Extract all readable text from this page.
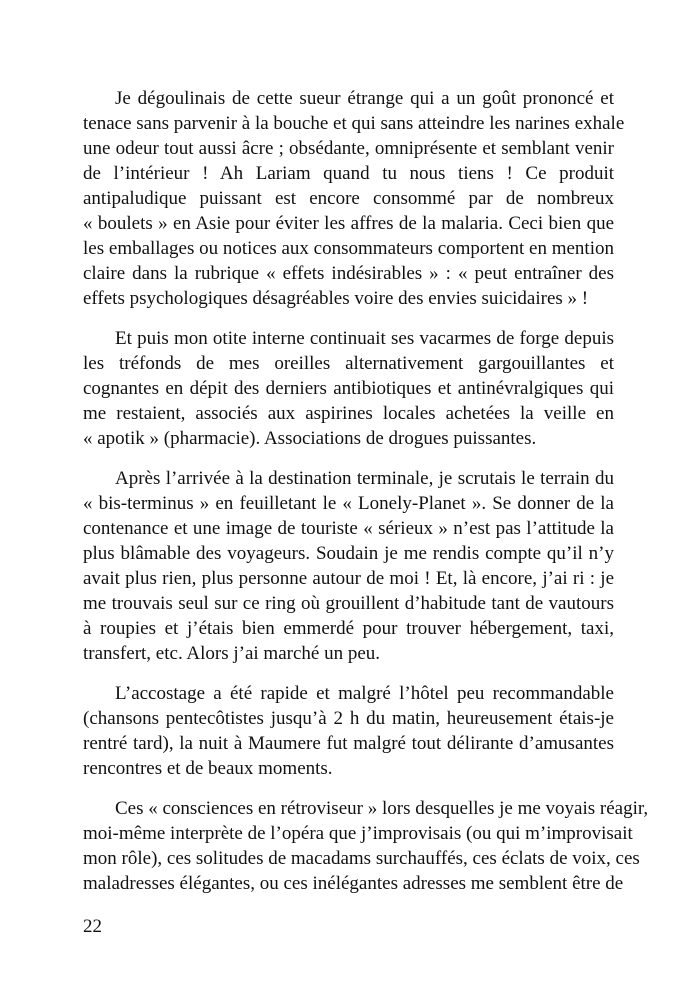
Je dégoulinais de cette sueur étrange qui a un goût prononcé et
tenace sans parvenir à la bouche et qui sans atteindre les narines exhale
une odeur tout aussi âcre ; obsédante, omniprésente et semblant venir
de l’intérieur ! Ah Lariam quand tu nous tiens ! Ce produit
antipaludique puissant est encore consommé par de nombreux
« boulets » en Asie pour éviter les affres de la malaria. Ceci bien que
les emballages ou notices aux consommateurs comportent en mention
claire dans la rubrique « effets indésirables » : « peut entraîner des
effets psychologiques désagréables voire des envies suicidaires » !
Et puis mon otite interne continuait ses vacarmes de forge depuis
les tréfonds de mes oreilles alternativement gargouillantes et
cognantes en dépit des derniers antibiotiques et antinévralgiques qui
me restaient, associés aux aspirines locales achetées la veille en
« apotik » (pharmacie). Associations de drogues puissantes.
Après l’arrivée à la destination terminale, je scrutais le terrain du
« bis-terminus » en feuilletant le « Lonely-Planet ». Se donner de la
contenance et une image de touriste « sérieux » n’est pas l’attitude la
plus blâmable des voyageurs. Soudain je me rendis compte qu’il n’y
avait plus rien, plus personne autour de moi ! Et, là encore, j’ai ri : je
me trouvais seul sur ce ring où grouillent d’habitude tant de vautours
à roupies et j’étais bien emmerdé pour trouver hébergement, taxi,
transfert, etc. Alors j’ai marché un peu.
L’accostage a été rapide et malgré l’hôtel peu recommandable
(chansons pentecôtistes jusqu’à 2 h du matin, heureusement étais-je
rentré tard), la nuit à Maumere fut malgré tout délirante d’amusantes
rencontres et de beaux moments.
Ces « consciences en rétroviseur » lors desquelles je me voyais réagir,
moi-même interprète de l’opéra que j’improvisais (ou qui m’improvisait
mon rôle), ces solitudes de macadams surchauffés, ces éclats de voix, ces
maladresses élégantes, ou ces inélégantes adresses me semblent être de
22
